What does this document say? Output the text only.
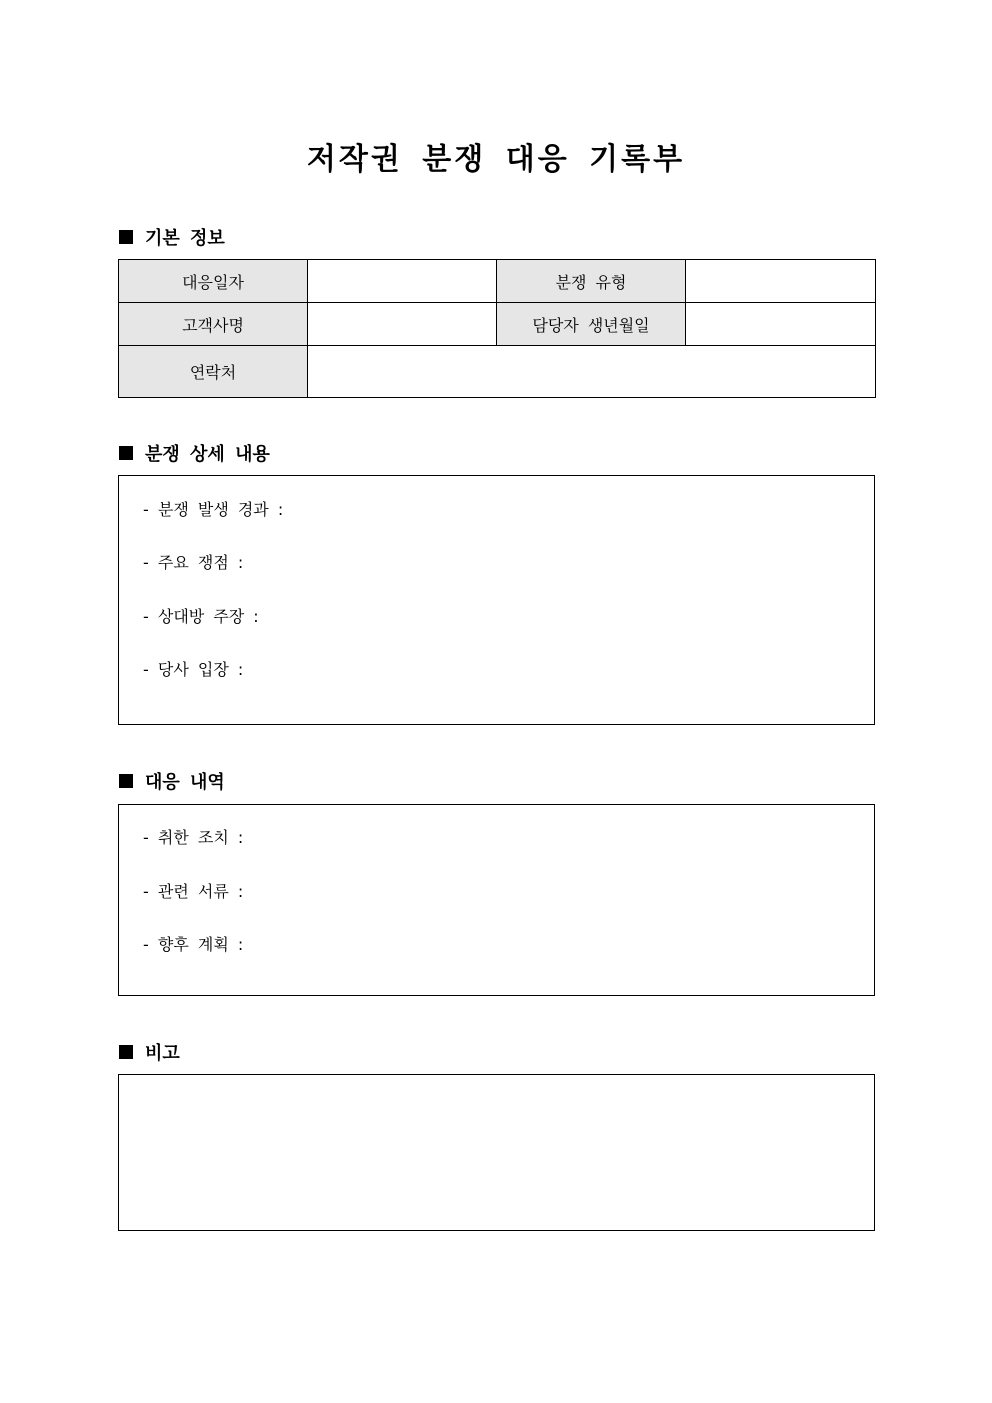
저작권 분쟁 대응 기록부
기본 정보
대응일자		분쟁 유형	
고객사명		담당자 생년월일	
연락처			
분쟁 상세 내용
- 분쟁 발생 경과 :
- 주요 쟁점 :
- 상대방 주장 :
- 당사 입장 :
대응 내역
- 취한 조치 :
- 관련 서류 :
- 향후 계획 :
비고
